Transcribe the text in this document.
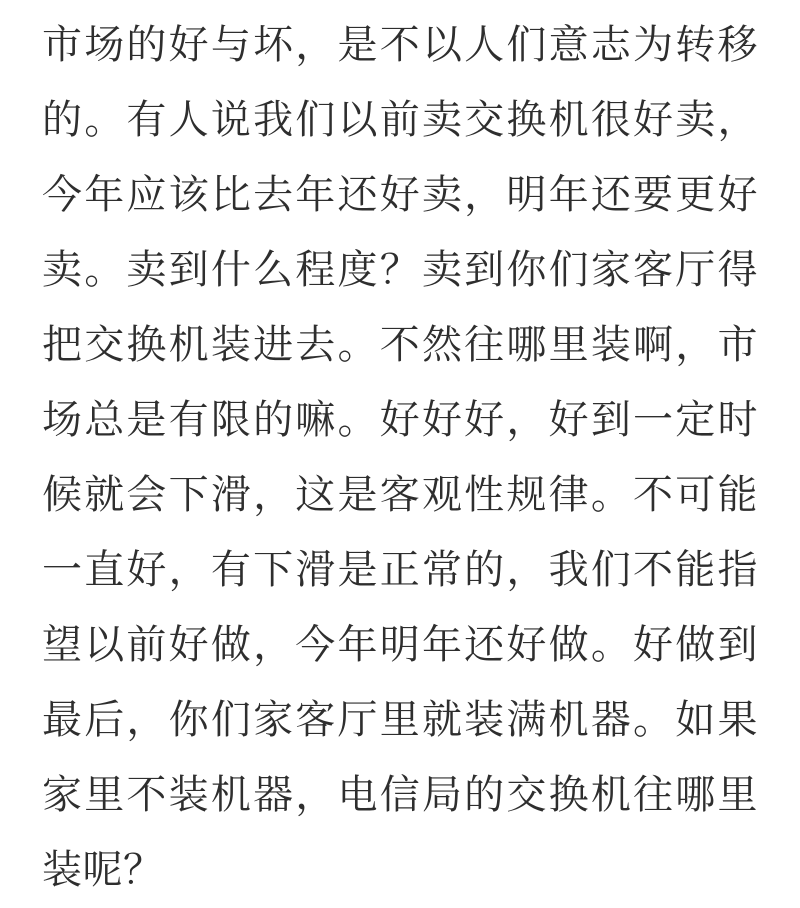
市场的好与坏，是不以人们意志为转移的。有人说我们以前卖交换机很好卖，今年应该比去年还好卖，明年还要更好卖。卖到什么程度？卖到你们家客厅得把交换机装进去。不然往哪里装啊，市场总是有限的嘛。好好好，好到一定时候就会下滑，这是客观性规律。不可能一直好，有下滑是正常的，我们不能指望以前好做，今年明年还好做。好做到最后，你们家客厅里就装满机器。如果家里不装机器，电信局的交换机往哪里装呢？
